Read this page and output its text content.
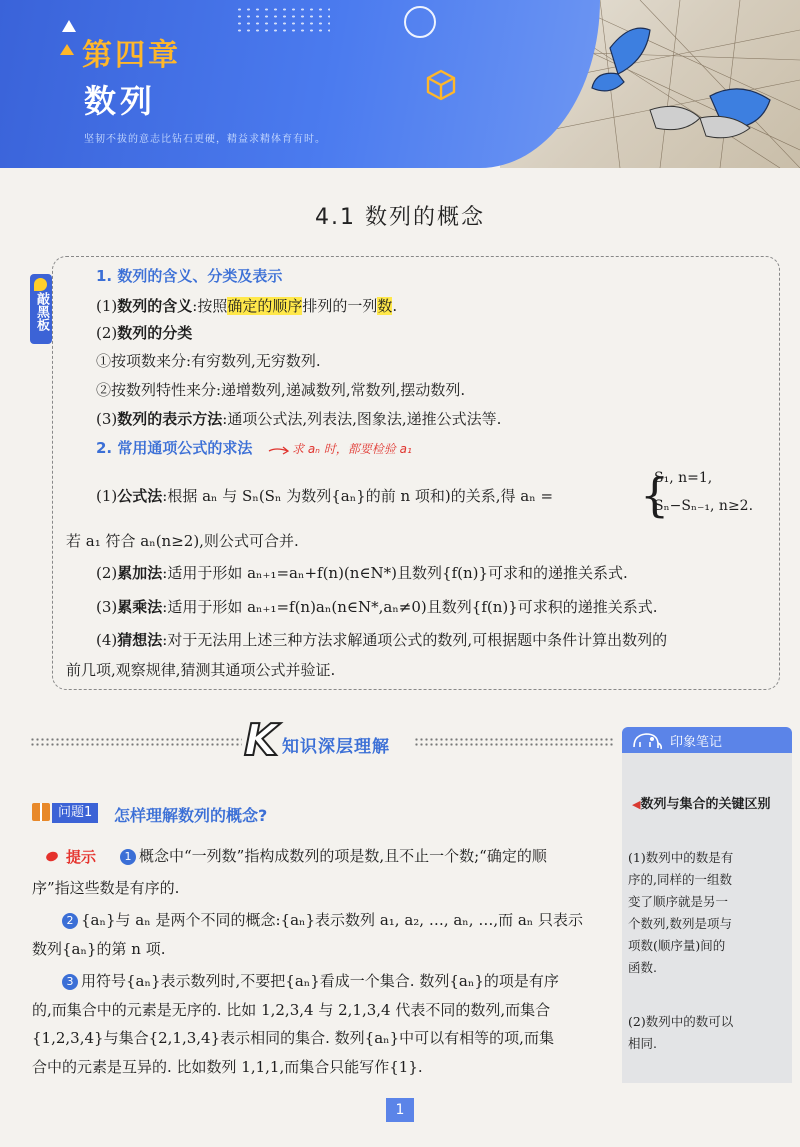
第四章
数列
坚韧不拔的意志比钻石更硬，精益求精体育有时。
4.1 数列的概念
敲黑板
1. 数列的含义、分类及表示
(1)数列的含义:按照确定的顺序排列的一列数.
(2)数列的分类
①按项数来分:有穷数列,无穷数列.
②按数列特性来分:递增数列,递减数列,常数列,摆动数列.
(3)数列的表示方法:通项公式法,列表法,图象法,递推公式法等.
2. 常用通项公式的求法	求 aₙ 时，都要检验 a₁
(1)公式法:根据 aₙ 与 Sₙ(Sₙ 为数列{aₙ}的前 n 项和)的关系,得 aₙ = {
S₁, n=1,
Sₙ−Sₙ₋₁, n≥2.
若 a₁ 符合 aₙ(n≥2),则公式可合并.
(2)累加法:适用于形如 aₙ₊₁=aₙ+f(n)(n∈N*)且数列{f(n)}可求和的递推关系式.
(3)累乘法:适用于形如 aₙ₊₁=f(n)aₙ(n∈N*,aₙ≠0)且数列{f(n)}可求积的递推关系式.
(4)猜想法:对于无法用上述三种方法求解通项公式的数列,可根据题中条件计算出数列的
前几项,观察规律,猜测其通项公式并验证.
K 知识深层理解	印象笔记
◀数列与集合的关键区别
(1)数列中的数是有
序的,同样的一组数
变了顺序就是另一
个数列,数列是项与
项数(顺序量)间的
函数.
(2)数列中的数可以
相同.
问题1	怎样理解数列的概念?
提示	1 概念中“一列数”指构成数列的项是数,且不止一个数;“确定的顺
序”指这些数是有序的.
2 {aₙ}与 aₙ 是两个不同的概念:{aₙ}表示数列 a₁, a₂, …, aₙ, …,而 aₙ 只表示
数列{aₙ}的第 n 项.
3 用符号{aₙ}表示数列时,不要把{aₙ}看成一个集合. 数列{aₙ}的项是有序
的,而集合中的元素是无序的. 比如 1,2,3,4 与 2,1,3,4 代表不同的数列,而集合
{1,2,3,4}与集合{2,1,3,4}表示相同的集合. 数列{aₙ}中可以有相等的项,而集
合中的元素是互异的. 比如数列 1,1,1,而集合只能写作{1}.
1
